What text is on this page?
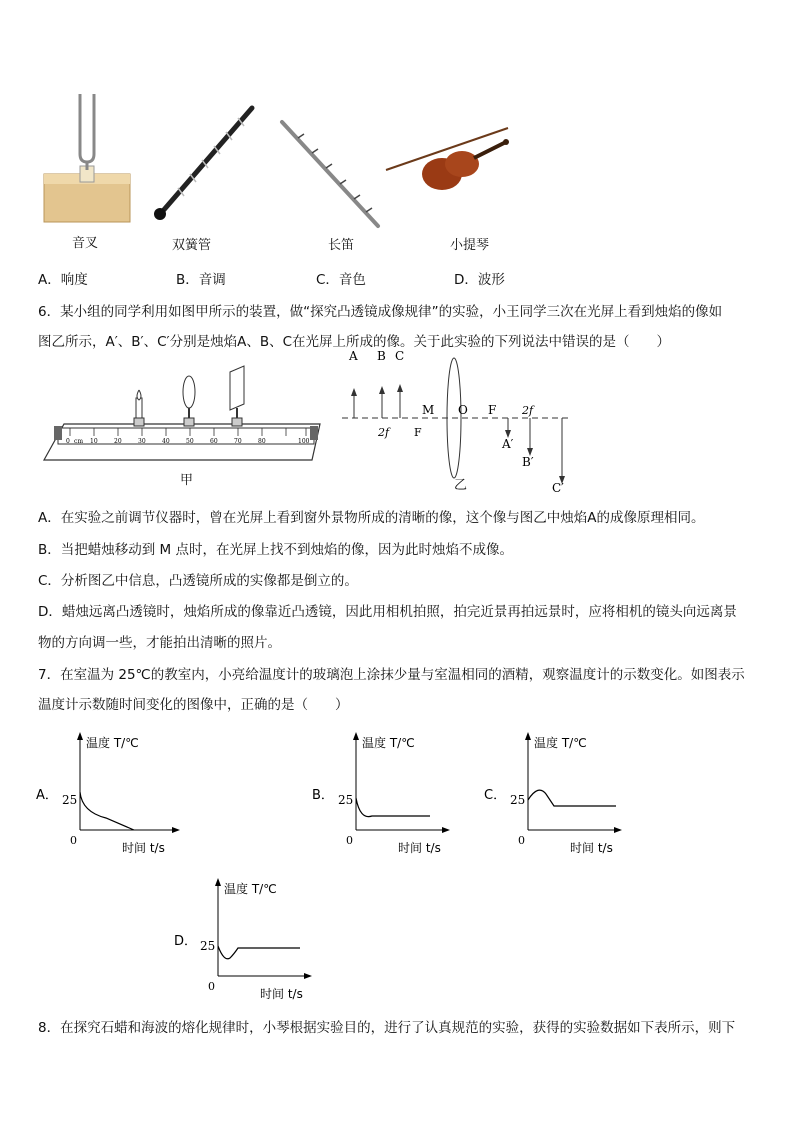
音叉	双簧管	长笛	小提琴
A．响度	B．音调	C．音色	D．波形
6．某小组的同学利用如图甲所示的装置，做“探究凸透镜成像规律”的实验，小王同学三次在光屏上看到烛焰的像如
图乙所示，A′、B′、C′分别是烛焰A、B、C在光屏上所成的像。关于此实验的下列说法中错误的是（　　）
0 cm 10	20	30	40	50	60	70	80	100
甲
A B C
2f
M
F
O F 2f
A′
B′
C′
乙
A．在实验之前调节仪器时，曾在光屏上看到窗外景物所成的清晰的像，这个像与图乙中烛焰A的成像原理相同。
B．当把蜡烛移动到 M 点时，在光屏上找不到烛焰的像，因为此时烛焰不成像。
C．分析图乙中信息，凸透镜所成的实像都是倒立的。
D．蜡烛远离凸透镜时，烛焰所成的像靠近凸透镜，因此用相机拍照，拍完近景再拍远景时，应将相机的镜头向远离景
物的方向调一些，才能拍出清晰的照片。
7．在室温为 25℃的教室内，小亮给温度计的玻璃泡上涂抹少量与室温相同的酒精，观察温度计的示数变化。如图表示
温度计示数随时间变化的图像中，正确的是（　　）
A．
温度 T/℃
25
0
时间 t/s
B．
温度 T/℃
25
0
时间 t/s
C．
温度 T/℃
25
0
时间 t/s
D．
温度 T/℃
25
0
时间 t/s
8．在探究石蜡和海波的熔化规律时，小琴根据实验目的，进行了认真规范的实验，获得的实验数据如下表所示，则下
